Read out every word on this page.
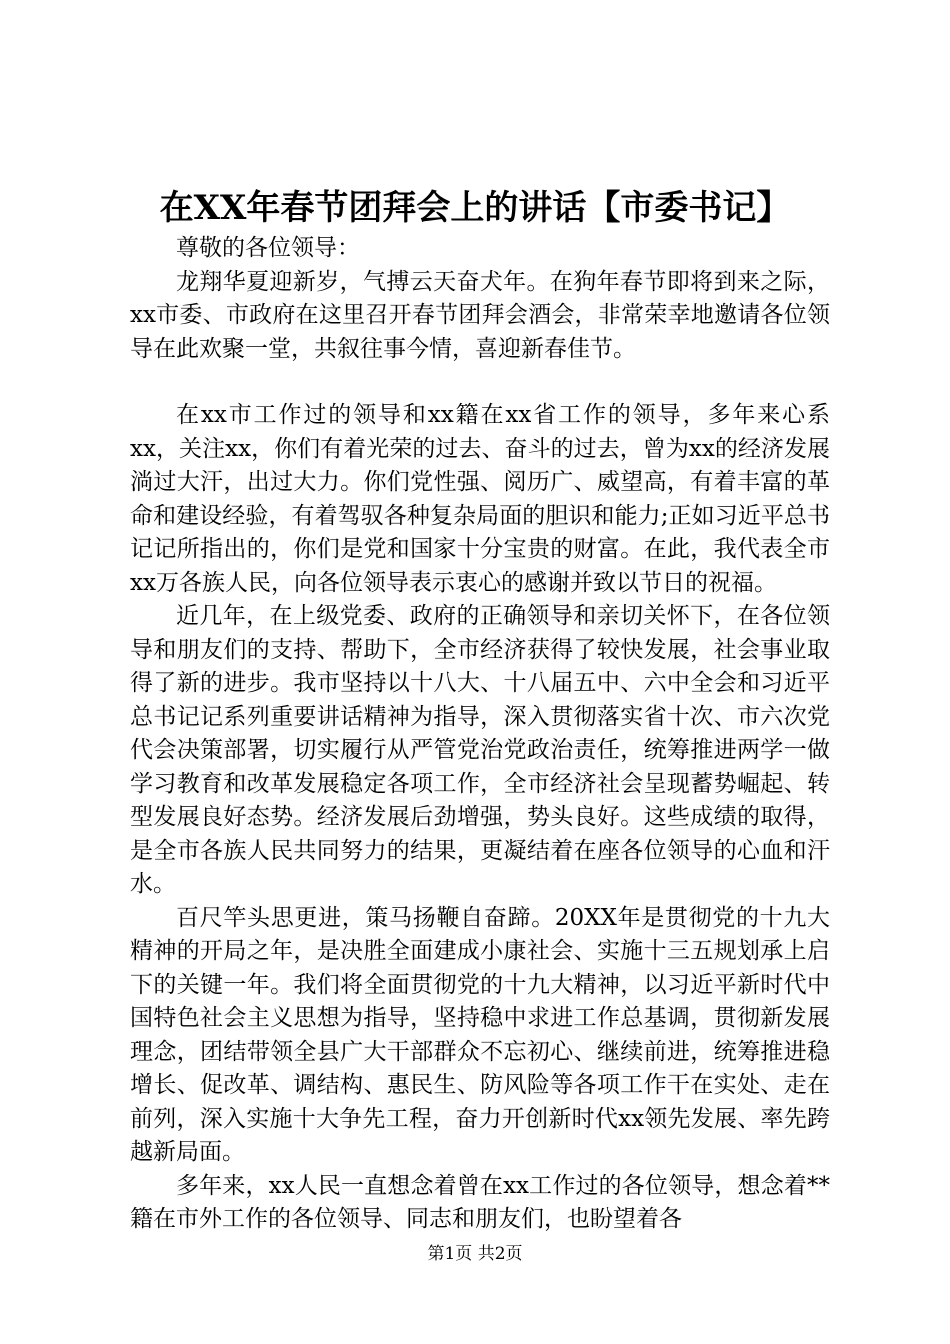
在XX年春节团拜会上的讲话【市委书记】

尊敬的各位领导：

龙翔华夏迎新岁，气搏云天奋犬年。在狗年春节即将到来之际，xx市委、市政府在这里召开春节团拜会酒会，非常荣幸地邀请各位领导在此欢聚一堂，共叙往事今情，喜迎新春佳节。

在xx市工作过的领导和xx籍在xx省工作的领导，多年来心系xx，关注xx，你们有着光荣的过去、奋斗的过去，曾为xx的经济发展淌过大汗，出过大力。你们党性强、阅历广、威望高，有着丰富的革命和建设经验，有着驾驭各种复杂局面的胆识和能力;正如习近平总书记记所指出的，你们是党和国家十分宝贵的财富。在此，我代表全市xx万各族人民，向各位领导表示衷心的感谢并致以节日的祝福。

近几年，在上级党委、政府的正确领导和亲切关怀下，在各位领导和朋友们的支持、帮助下，全市经济获得了较快发展，社会事业取得了新的进步。我市坚持以十八大、十八届五中、六中全会和习近平总书记记系列重要讲话精神为指导，深入贯彻落实省十次、市六次党代会决策部署，切实履行从严管党治党政治责任，统筹推进两学一做学习教育和改革发展稳定各项工作，全市经济社会呈现蓄势崛起、转型发展良好态势。经济发展后劲增强，势头良好。这些成绩的取得，是全市各族人民共同努力的结果，更凝结着在座各位领导的心血和汗水。

百尺竿头思更进，策马扬鞭自奋蹄。20XX年是贯彻党的十九大精神的开局之年，是决胜全面建成小康社会、实施十三五规划承上启下的关键一年。我们将全面贯彻党的十九大精神，以习近平新时代中国特色社会主义思想为指导，坚持稳中求进工作总基调，贯彻新发展理念，团结带领全县广大干部群众不忘初心、继续前进，统筹推进稳增长、促改革、调结构、惠民生、防风险等各项工作干在实处、走在前列，深入实施十大争先工程，奋力开创新时代xx领先发展、率先跨越新局面。

多年来，xx人民一直想念着曾在xx工作过的各位领导，想念着**籍在市外工作的各位领导、同志和朋友们，也盼望着各

第1页 共2页
